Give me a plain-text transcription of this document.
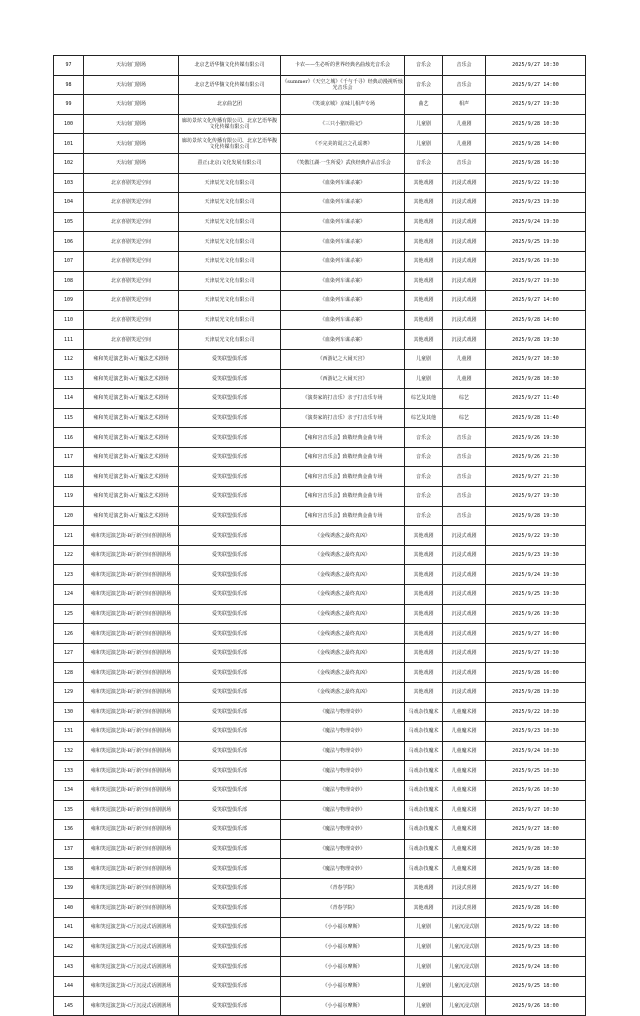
97	天坛南门剧场	北京艺语华馥文化传媒有限公司	卡农——生必听的世界经典名曲烛光音乐会	音乐会	音乐会	2025/9/27 10:30
98	天坛南门剧场	北京艺语华馥文化传媒有限公司	《summer》《天空之城》《千与千寻》经典动漫视听烛光音乐会	音乐会	音乐会	2025/9/27 14:00
99	天坛南门剧场	北京曲艺团	《笑谈京城》京味儿相声专场	曲艺	相声	2025/9/27 19:30
100	天坛南门剧场	廊坊景炫文化传播有限公司、北京艺语华馥文化传媒有限公司	《三只小猪历险记》	儿童剧	儿童剧	2025/9/28 10:30
101	天坛南门剧场	廊坊景炫文化传播有限公司、北京艺语华馥文化传媒有限公司	《不完美的谎言之孔谣赛》	儿童剧	儿童剧	2025/9/28 14:00
102	天坛南门剧场	熹正(北京)文化发展有限公司	《笑傲江湖·一生所爱》武侠经典作品音乐会	音乐会	音乐会	2025/9/28 16:30
103	北京喜剧笑逗空间	天津辰光文化有限公司	《血染列车谋杀案》	其他戏剧	沉浸式戏剧	2025/9/22 19:30
104	北京喜剧笑逗空间	天津辰光文化有限公司	《血染列车谋杀案》	其他戏剧	沉浸式戏剧	2025/9/23 19:30
105	北京喜剧笑逗空间	天津辰光文化有限公司	《血染列车谋杀案》	其他戏剧	沉浸式戏剧	2025/9/24 19:30
106	北京喜剧笑逗空间	天津辰光文化有限公司	《血染列车谋杀案》	其他戏剧	沉浸式戏剧	2025/9/25 19:30
107	北京喜剧笑逗空间	天津辰光文化有限公司	《血染列车谋杀案》	其他戏剧	沉浸式戏剧	2025/9/26 19:30
108	北京喜剧笑逗空间	天津辰光文化有限公司	《血染列车谋杀案》	其他戏剧	沉浸式戏剧	2025/9/27 19:30
109	北京喜剧笑逗空间	天津辰光文化有限公司	《血染列车谋杀案》	其他戏剧	沉浸式戏剧	2025/9/27 14:00
110	北京喜剧笑逗空间	天津辰光文化有限公司	《血染列车谋杀案》	其他戏剧	沉浸式戏剧	2025/9/28 14:00
111	北京喜剧笑逗空间	天津辰光文化有限公司	《血染列车谋杀案》	其他戏剧	沉浸式戏剧	2025/9/28 19:30
112	雍和笑逗演艺街-A厅魔法艺术剧场	爱笑联盟俱乐部	《西游记之大闹天宫》	儿童剧	儿童剧	2025/9/27 10:30
113	雍和笑逗演艺街-A厅魔法艺术剧场	爱笑联盟俱乐部	《西游记之大闹天宫》	儿童剧	儿童剧	2025/9/28 10:30
114	雍和笑逗演艺街-A厅魔法艺术剧场	爱笑联盟俱乐部	《演奏家的打击乐》亲子打击乐专场	综艺及其他	综艺	2025/9/27 11:40
115	雍和笑逗演艺街-A厅魔法艺术剧场	爱笑联盟俱乐部	《演奏家的打击乐》亲子打击乐专场	综艺及其他	综艺	2025/9/28 11:40
116	雍和笑逗演艺街-A厅魔法艺术剧场	爱笑联盟俱乐部	【雍和宫音乐会】致敬经典金曲专场	音乐会	音乐会	2025/9/26 19:30
117	雍和笑逗演艺街-A厅魔法艺术剧场	爱笑联盟俱乐部	【雍和宫音乐会】致敬经典金曲专场	音乐会	音乐会	2025/9/26 21:30
118	雍和笑逗演艺街-A厅魔法艺术剧场	爱笑联盟俱乐部	【雍和宫音乐会】致敬经典金曲专场	音乐会	音乐会	2025/9/27 21:30
119	雍和笑逗演艺街-A厅魔法艺术剧场	爱笑联盟俱乐部	【雍和宫音乐会】致敬经典金曲专场	音乐会	音乐会	2025/9/27 19:30
120	雍和笑逗演艺街-A厅魔法艺术剧场	爱笑联盟俱乐部	【雍和宫音乐会】致敬经典金曲专场	音乐会	音乐会	2025/9/28 19:30
121	雍和笑逗演艺街-B厅新空间喜剧剧场	爱笑联盟俱乐部	《金线诱惑之最终真凶》	其他戏剧	沉浸式戏剧	2025/9/22 19:30
122	雍和笑逗演艺街-B厅新空间喜剧剧场	爱笑联盟俱乐部	《金线诱惑之最终真凶》	其他戏剧	沉浸式戏剧	2025/9/23 19:30
123	雍和笑逗演艺街-B厅新空间喜剧剧场	爱笑联盟俱乐部	《金线诱惑之最终真凶》	其他戏剧	沉浸式戏剧	2025/9/24 19:30
124	雍和笑逗演艺街-B厅新空间喜剧剧场	爱笑联盟俱乐部	《金线诱惑之最终真凶》	其他戏剧	沉浸式戏剧	2025/9/25 19:30
125	雍和笑逗演艺街-B厅新空间喜剧剧场	爱笑联盟俱乐部	《金线诱惑之最终真凶》	其他戏剧	沉浸式戏剧	2025/9/26 19:30
126	雍和笑逗演艺街-B厅新空间喜剧剧场	爱笑联盟俱乐部	《金线诱惑之最终真凶》	其他戏剧	沉浸式戏剧	2025/9/27 16:00
127	雍和笑逗演艺街-B厅新空间喜剧剧场	爱笑联盟俱乐部	《金线诱惑之最终真凶》	其他戏剧	沉浸式戏剧	2025/9/27 19:30
128	雍和笑逗演艺街-B厅新空间喜剧剧场	爱笑联盟俱乐部	《金线诱惑之最终真凶》	其他戏剧	沉浸式戏剧	2025/9/28 16:00
129	雍和笑逗演艺街-B厅新空间喜剧剧场	爱笑联盟俱乐部	《金线诱惑之最终真凶》	其他戏剧	沉浸式戏剧	2025/9/28 19:30
130	雍和笑逗演艺街-B厅新空间喜剧剧场	爱笑联盟俱乐部	《魔法与物理奇妙》	马戏杂技魔术	儿童魔术剧	2025/9/22 10:30
131	雍和笑逗演艺街-B厅新空间喜剧剧场	爱笑联盟俱乐部	《魔法与物理奇妙》	马戏杂技魔术	儿童魔术剧	2025/9/23 10:30
132	雍和笑逗演艺街-B厅新空间喜剧剧场	爱笑联盟俱乐部	《魔法与物理奇妙》	马戏杂技魔术	儿童魔术剧	2025/9/24 10:30
133	雍和笑逗演艺街-B厅新空间喜剧剧场	爱笑联盟俱乐部	《魔法与物理奇妙》	马戏杂技魔术	儿童魔术剧	2025/9/25 10:30
134	雍和笑逗演艺街-B厅新空间喜剧剧场	爱笑联盟俱乐部	《魔法与物理奇妙》	马戏杂技魔术	儿童魔术剧	2025/9/26 10:30
135	雍和笑逗演艺街-B厅新空间喜剧剧场	爱笑联盟俱乐部	《魔法与物理奇妙》	马戏杂技魔术	儿童魔术剧	2025/9/27 10:30
136	雍和笑逗演艺街-B厅新空间喜剧剧场	爱笑联盟俱乐部	《魔法与物理奇妙》	马戏杂技魔术	儿童魔术剧	2025/9/27 18:00
137	雍和笑逗演艺街-B厅新空间喜剧剧场	爱笑联盟俱乐部	《魔法与物理奇妙》	马戏杂技魔术	儿童魔术剧	2025/9/28 10:30
138	雍和笑逗演艺街-B厅新空间喜剧剧场	爱笑联盟俱乐部	《魔法与物理奇妙》	马戏杂技魔术	儿童魔术剧	2025/9/28 18:00
139	雍和笑逗演艺街-B厅新空间喜剧剧场	爱笑联盟俱乐部	《青春学院》	其他戏剧	沉浸式喜剧	2025/9/27 16:00
140	雍和笑逗演艺街-B厅新空间喜剧剧场	爱笑联盟俱乐部	《青春学院》	其他戏剧	沉浸式喜剧	2025/9/28 16:00
141	雍和笑逗演艺街-C厅沉浸式话剧剧场	爱笑联盟俱乐部	《小小福尔摩斯》	儿童剧	儿童沉浸式剧	2025/9/22 18:00
142	雍和笑逗演艺街-C厅沉浸式话剧剧场	爱笑联盟俱乐部	《小小福尔摩斯》	儿童剧	儿童沉浸式剧	2025/9/23 18:00
143	雍和笑逗演艺街-C厅沉浸式话剧剧场	爱笑联盟俱乐部	《小小福尔摩斯》	儿童剧	儿童沉浸式剧	2025/9/24 18:00
144	雍和笑逗演艺街-C厅沉浸式话剧剧场	爱笑联盟俱乐部	《小小福尔摩斯》	儿童剧	儿童沉浸式剧	2025/9/25 18:00
145	雍和笑逗演艺街-C厅沉浸式话剧剧场	爱笑联盟俱乐部	《小小福尔摩斯》	儿童剧	儿童沉浸式剧	2025/9/26 18:00
